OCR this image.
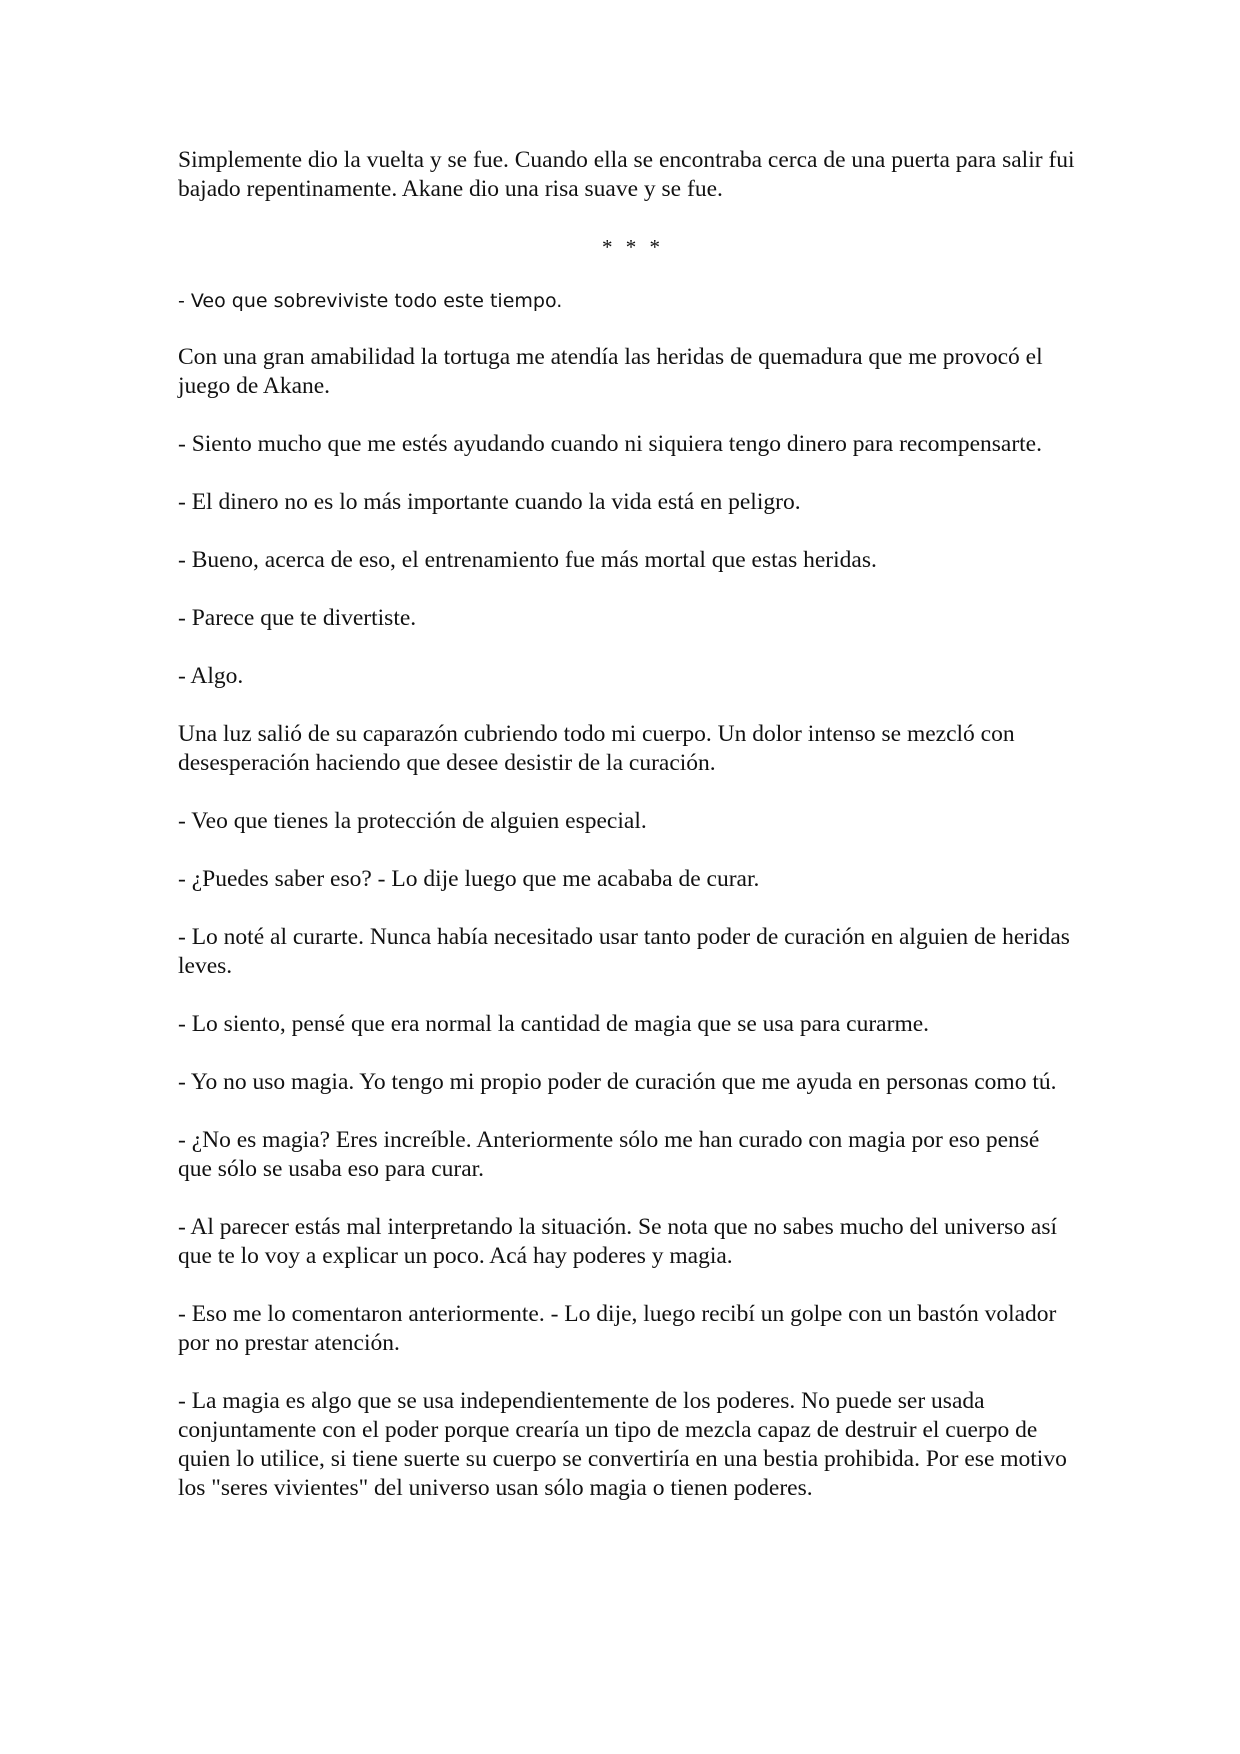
Simplemente dio la vuelta y se fue. Cuando ella se encontraba cerca de una puerta para salir fui bajado repentinamente. Akane dio una risa suave y se fue.

* * *

- Veo que sobreviviste todo este tiempo.

Con una gran amabilidad la tortuga me atendía las heridas de quemadura que me provocó el juego de Akane.

- Siento mucho que me estés ayudando cuando ni siquiera tengo dinero para recompensarte.

- El dinero no es lo más importante cuando la vida está en peligro.

- Bueno, acerca de eso, el entrenamiento fue más mortal que estas heridas.

- Parece que te divertiste.

- Algo.

Una luz salió de su caparazón cubriendo todo mi cuerpo. Un dolor intenso se mezcló con desesperación haciendo que desee desistir de la curación.

- Veo que tienes la protección de alguien especial.

- ¿Puedes saber eso? - Lo dije luego que me acababa de curar.

- Lo noté al curarte. Nunca había necesitado usar tanto poder de curación en alguien de heridas leves.

- Lo siento, pensé que era normal la cantidad de magia que se usa para curarme.

- Yo no uso magia. Yo tengo mi propio poder de curación que me ayuda en personas como tú.

- ¿No es magia? Eres increíble. Anteriormente sólo me han curado con magia por eso pensé que sólo se usaba eso para curar.

- Al parecer estás mal interpretando la situación. Se nota que no sabes mucho del universo así que te lo voy a explicar un poco. Acá hay poderes y magia.

- Eso me lo comentaron anteriormente. - Lo dije, luego recibí un golpe con un bastón volador por no prestar atención.

- La magia es algo que se usa independientemente de los poderes. No puede ser usada conjuntamente con el poder porque crearía un tipo de mezcla capaz de destruir el cuerpo de quien lo utilice, si tiene suerte su cuerpo se convertiría en una bestia prohibida. Por ese motivo los "seres vivientes" del universo usan sólo magia o tienen poderes.
